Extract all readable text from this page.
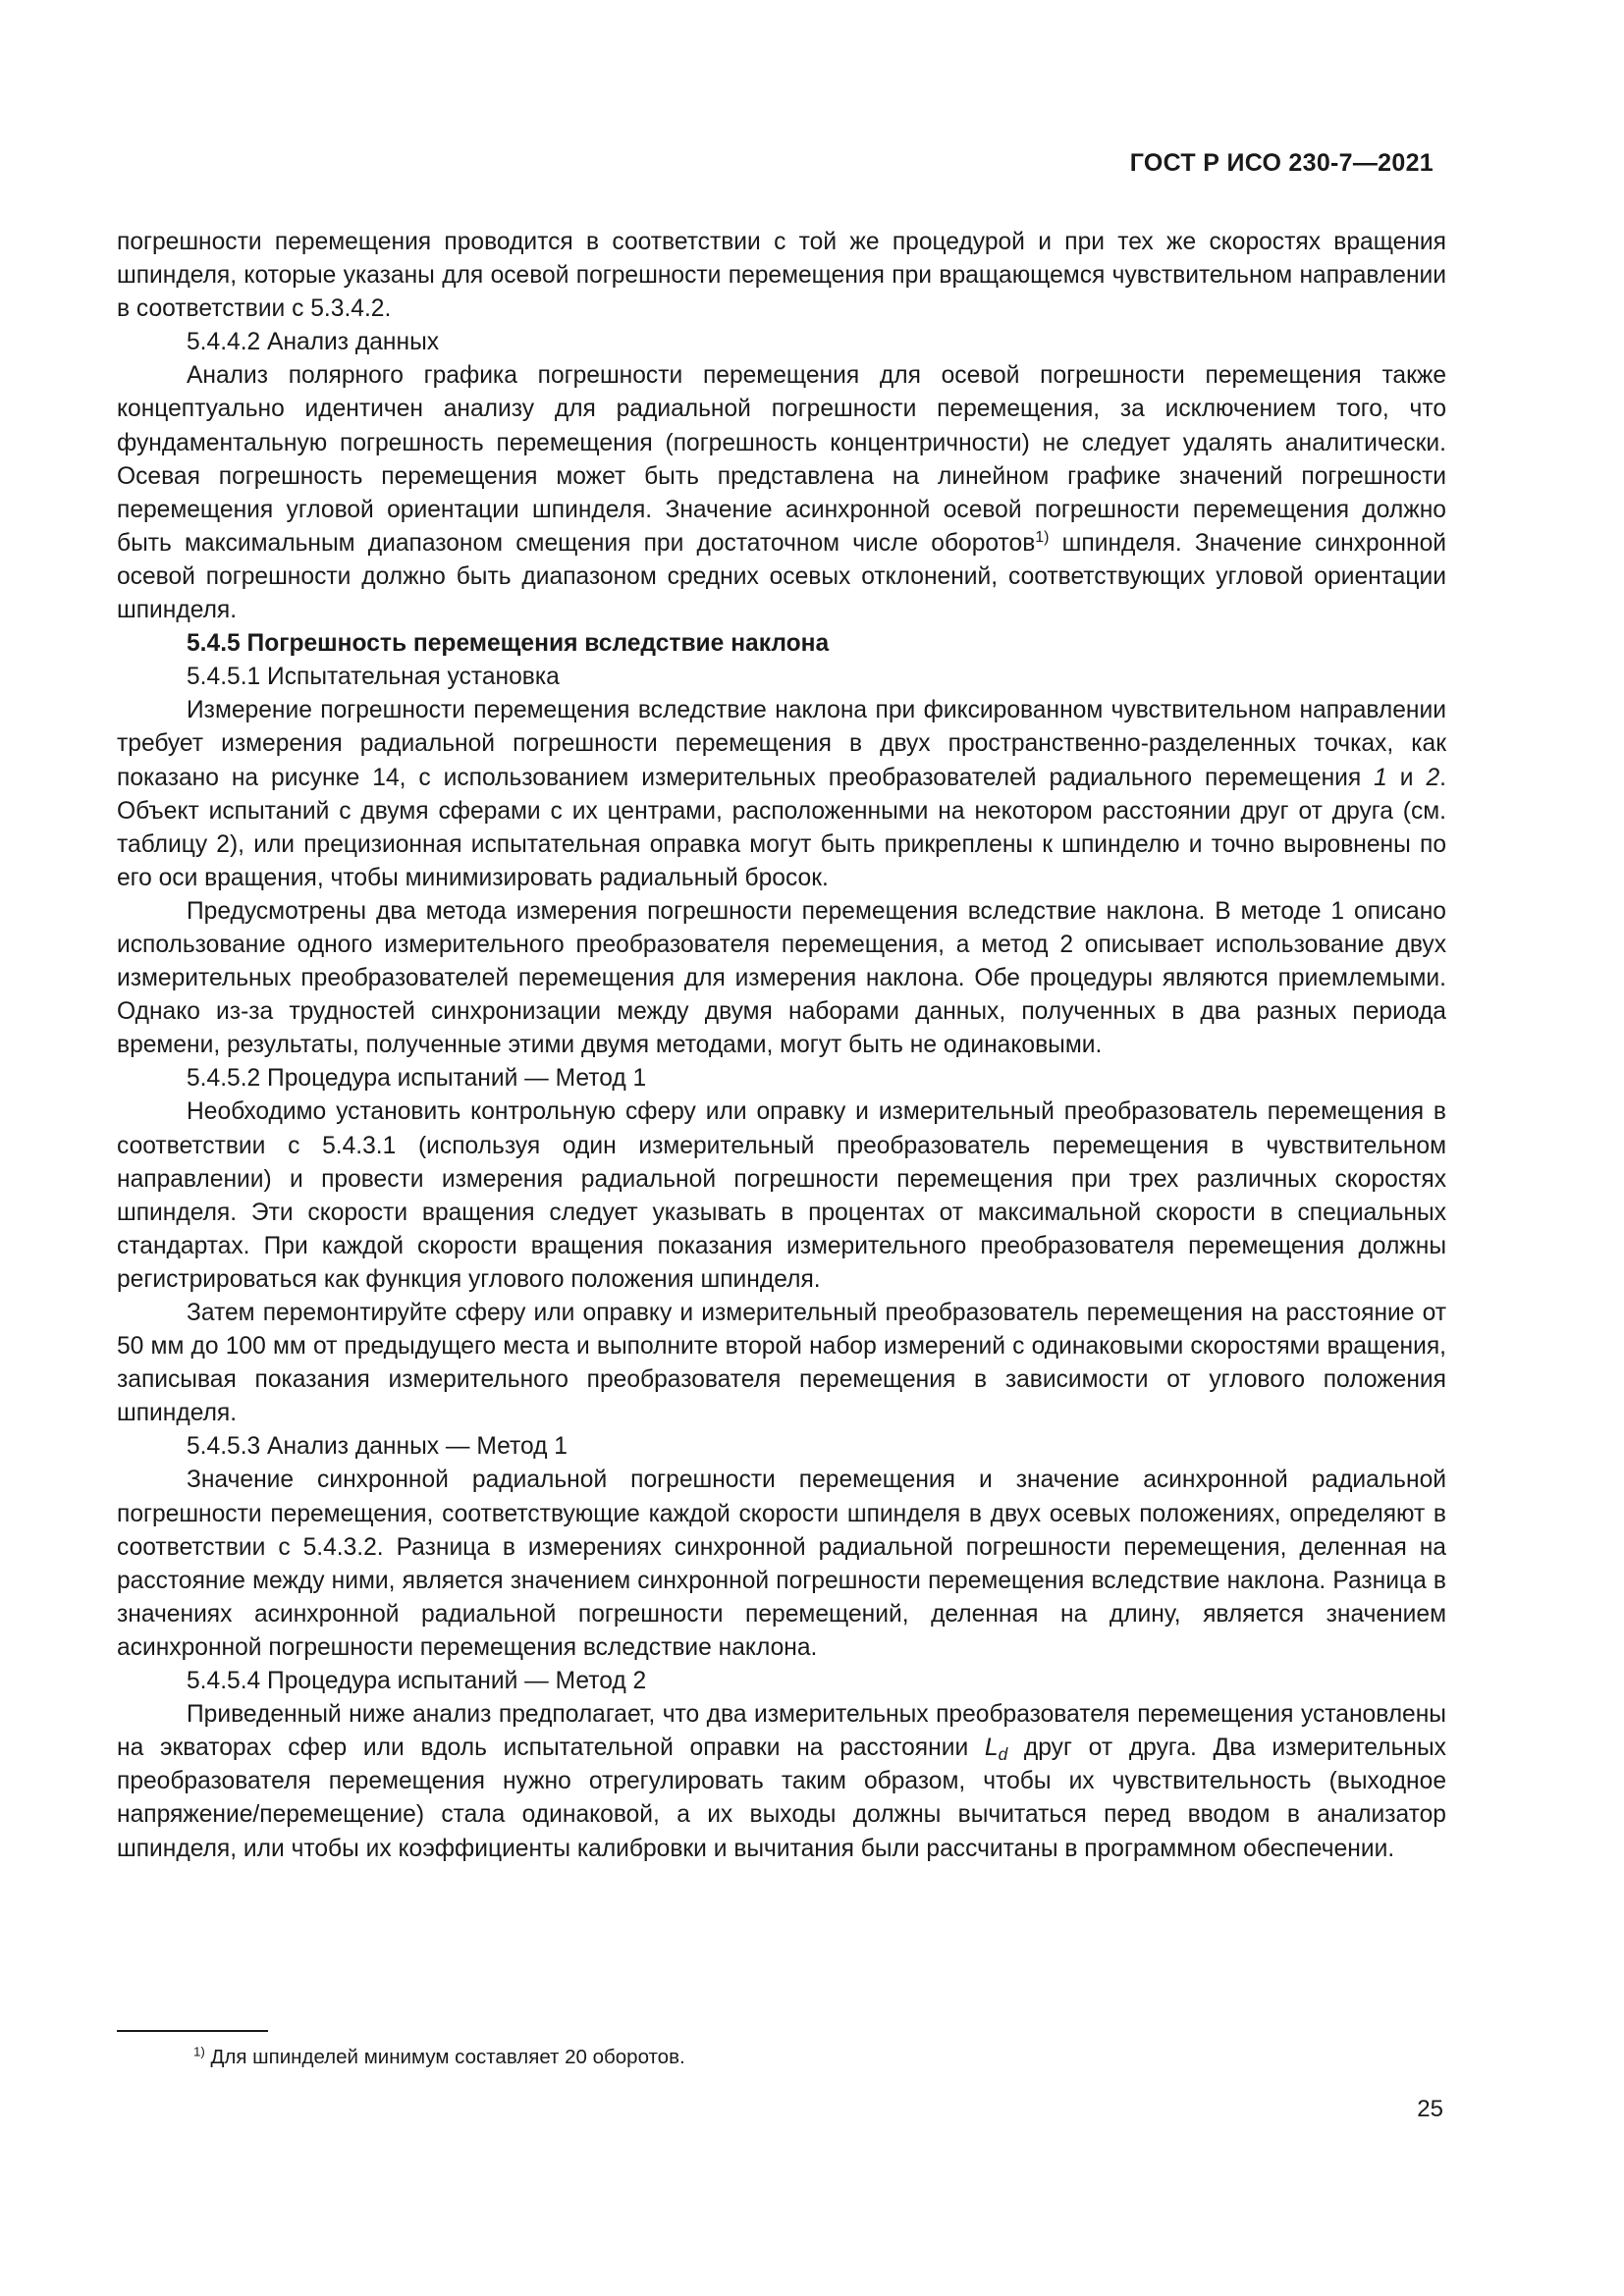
ГОСТ Р ИСО 230-7—2021

погрешности перемещения проводится в соответствии с той же процедурой и при тех же скоростях вращения шпинделя, которые указаны для осевой погрешности перемещения при вращающемся чувствительном направлении в соответствии с 5.3.4.2.

5.4.4.2 Анализ данных

Анализ полярного графика погрешности перемещения для осевой погрешности перемещения также концептуально идентичен анализу для радиальной погрешности перемещения, за исключением того, что фундаментальную погрешность перемещения (погрешность концентричности) не следует удалять аналитически. Осевая погрешность перемещения может быть представлена на линейном графике значений погрешности перемещения угловой ориентации шпинделя. Значение асинхронной осевой погрешности перемещения должно быть максимальным диапазоном смещения при достаточном числе оборотов$^{1)}$ шпинделя. Значение синхронной осевой погрешности должно быть диапазоном средних осевых отклонений, соответствующих угловой ориентации шпинделя.

5.4.5 Погрешность перемещения вследствие наклона

5.4.5.1 Испытательная установка

Измерение погрешности перемещения вследствие наклона при фиксированном чувствительном направлении требует измерения радиальной погрешности перемещения в двух пространственно-разделенных точках, как показано на рисунке 14, с использованием измерительных преобразователей радиального перемещения 1 и 2. Объект испытаний с двумя сферами с их центрами, расположенными на некотором расстоянии друг от друга (см. таблицу 2), или прецизионная испытательная оправка могут быть прикреплены к шпинделю и точно выровнены по его оси вращения, чтобы минимизировать радиальный бросок.

Предусмотрены два метода измерения погрешности перемещения вследствие наклона. В методе 1 описано использование одного измерительного преобразователя перемещения, а метод 2 описывает использование двух измерительных преобразователей перемещения для измерения наклона. Обе процедуры являются приемлемыми. Однако из-за трудностей синхронизации между двумя наборами данных, полученных в два разных периода времени, результаты, полученные этими двумя методами, могут быть не одинаковыми.

5.4.5.2 Процедура испытаний — Метод 1

Необходимо установить контрольную сферу или оправку и измерительный преобразователь перемещения в соответствии с 5.4.3.1 (используя один измерительный преобразователь перемещения в чувствительном направлении) и провести измерения радиальной погрешности перемещения при трех различных скоростях шпинделя. Эти скорости вращения следует указывать в процентах от максимальной скорости в специальных стандартах. При каждой скорости вращения показания измерительного преобразователя перемещения должны регистрироваться как функция углового положения шпинделя.

Затем перемонтируйте сферу или оправку и измерительный преобразователь перемещения на расстояние от 50 мм до 100 мм от предыдущего места и выполните второй набор измерений с одинаковыми скоростями вращения, записывая показания измерительного преобразователя перемещения в зависимости от углового положения шпинделя.

5.4.5.3 Анализ данных — Метод 1

Значение синхронной радиальной погрешности перемещения и значение асинхронной радиальной погрешности перемещения, соответствующие каждой скорости шпинделя в двух осевых положениях, определяют в соответствии с 5.4.3.2. Разница в измерениях синхронной радиальной погрешности перемещения, деленная на расстояние между ними, является значением синхронной погрешности перемещения вследствие наклона. Разница в значениях асинхронной радиальной погрешности перемещений, деленная на длину, является значением асинхронной погрешности перемещения вследствие наклона.

5.4.5.4 Процедура испытаний — Метод 2

Приведенный ниже анализ предполагает, что два измерительных преобразователя перемещения установлены на экваторах сфер или вдоль испытательной оправки на расстоянии $L_d$ друг от друга. Два измерительных преобразователя перемещения нужно отрегулировать таким образом, чтобы их чувствительность (выходное напряжение/перемещение) стала одинаковой, а их выходы должны вычитаться перед вводом в анализатор шпинделя, или чтобы их коэффициенты калибровки и вычитания были рассчитаны в программном обеспечении.

$^{1)}$ Для шпинделей минимум составляет 20 оборотов.
25
